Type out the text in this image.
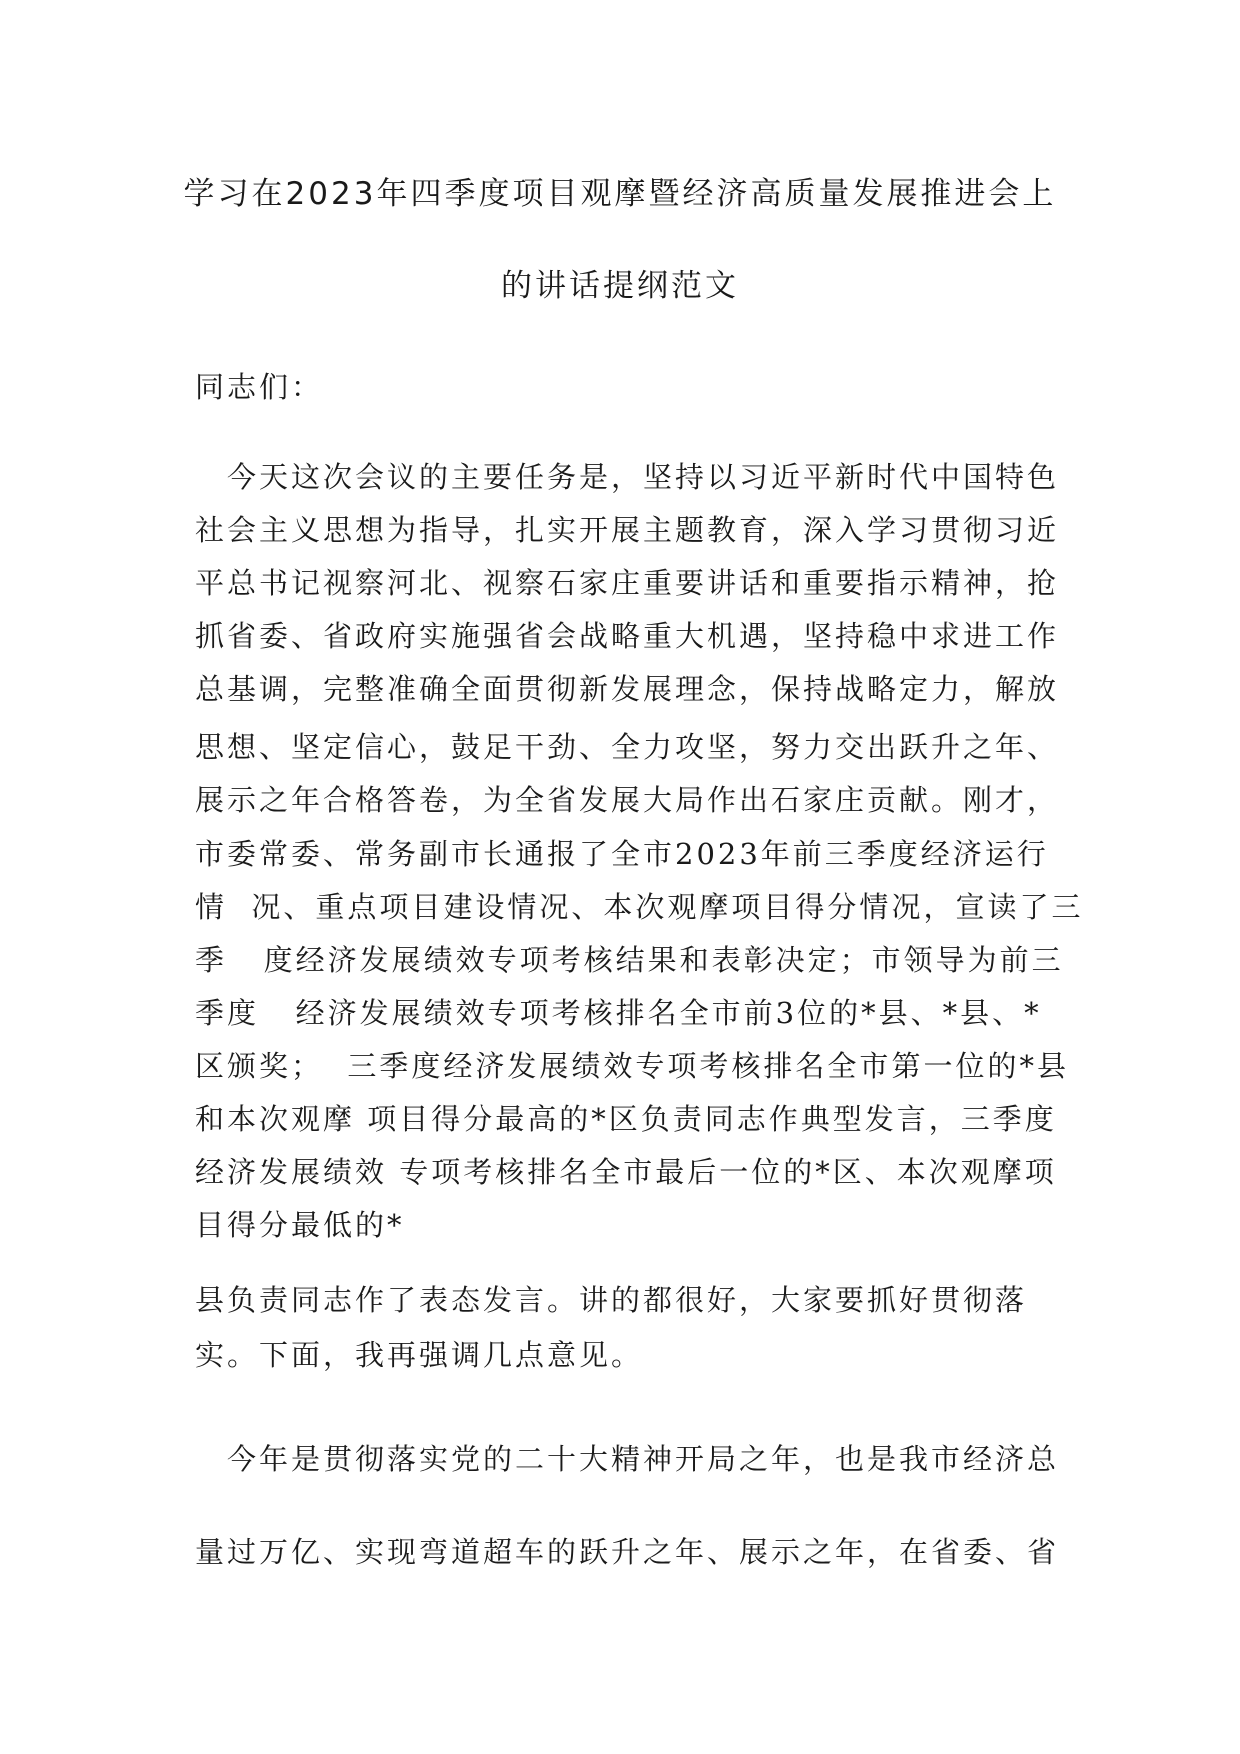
学习在2023年四季度项目观摩暨经济高质量发展推进会上
的讲话提纲范文
同志们：
　今天这次会议的主要任务是，坚持以习近平新时代中国特色
社会主义思想为指导，扎实开展主题教育，深入学习贯彻习近
平总书记视察河北、视察石家庄重要讲话和重要指示精神，抢
抓省委、省政府实施强省会战略重大机遇，坚持稳中求进工作
总基调，完整准确全面贯彻新发展理念，保持战略定力，解放
思想、坚定信心，鼓足干劲、全力攻坚，努力交出跃升之年、
展示之年合格答卷，为全省发展大局作出石家庄贡献。刚才，
市委常委、常务副市长通报了全市2023年前三季度经济运行
情  况、重点项目建设情况、本次观摩项目得分情况，宣读了三
季   度经济发展绩效专项考核结果和表彰决定；市领导为前三
季度   经济发展绩效专项考核排名全市前3位的*县、*县、*
区颁奖；  三季度经济发展绩效专项考核排名全市第一位的*县
和本次观摩 项目得分最高的*区负责同志作典型发言，三季度
经济发展绩效 专项考核排名全市最后一位的*区、本次观摩项
目得分最低的*
县负责同志作了表态发言。讲的都很好，大家要抓好贯彻落
实。下面，我再强调几点意见。
　今年是贯彻落实党的二十大精神开局之年，也是我市经济总
量过万亿、实现弯道超车的跃升之年、展示之年，在省委、省
